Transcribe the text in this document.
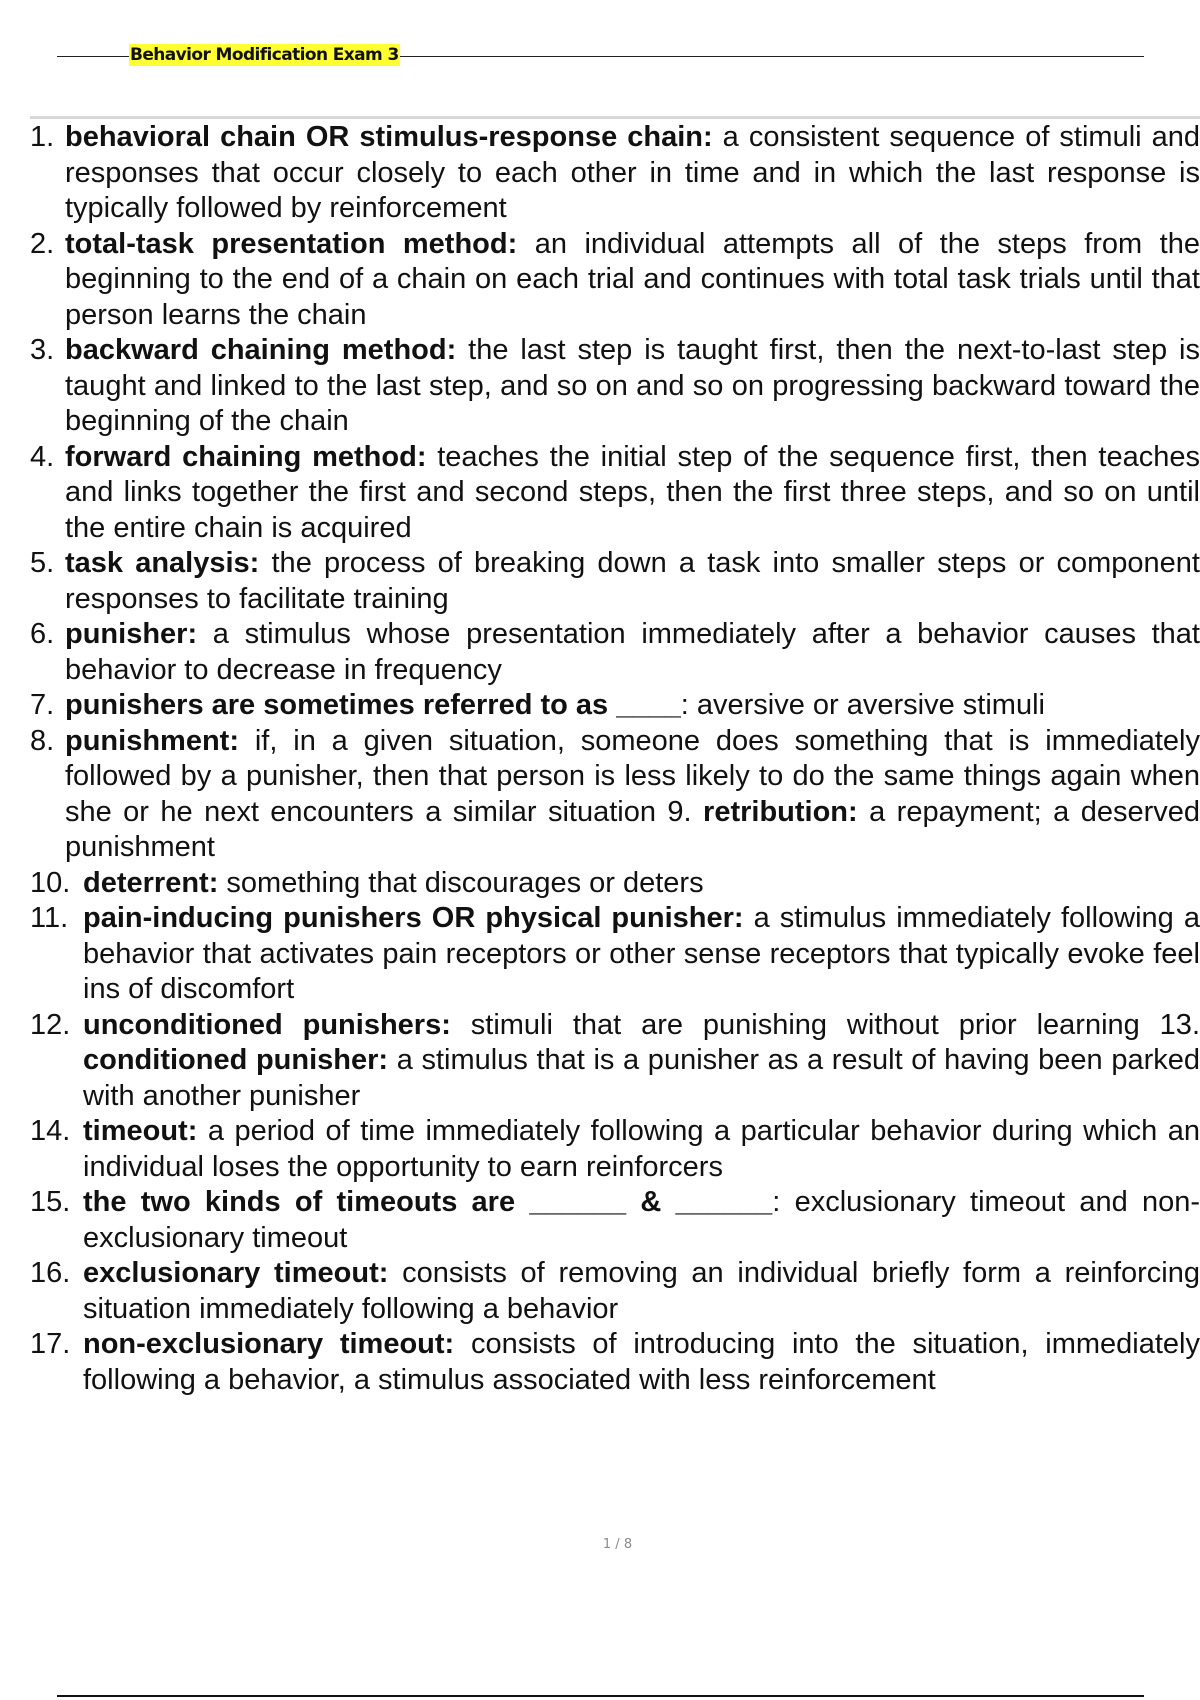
Behavior Modification Exam 3
1. behavioral chain OR stimulus-response chain: a consistent sequence of stimuli and responses that occur closely to each other in time and in which the last response is typically followed by reinforcement
2. total-task presentation method: an individual attempts all of the steps from the beginning to the end of a chain on each trial and continues with total task trials until that person learns the chain
3. backward chaining method: the last step is taught first, then the next-to-last step is taught and linked to the last step, and so on and so on progressing backward toward the beginning of the chain
4. forward chaining method: teaches the initial step of the sequence first, then teaches and links together the first and second steps, then the first three steps, and so on until the entire chain is acquired
5. task analysis: the process of breaking down a task into smaller steps or component responses to facilitate training
6. punisher: a stimulus whose presentation immediately after a behavior causes that behavior to decrease in frequency
7. punishers are sometimes referred to as ____: aversive or aversive stimuli
8. punishment: if, in a given situation, someone does something that is immediately followed by a punisher, then that person is less likely to do the same things again when she or he next encounters a similar situation 9. retribution: a repayment; a deserved punishment
10. deterrent: something that discourages or deters
11. pain-inducing punishers OR physical punisher: a stimulus immediately following a behavior that activates pain receptors or other sense receptors that typically evoke feel ins of discomfort
12. unconditioned punishers: stimuli that are punishing without prior learning 13. conditioned punisher: a stimulus that is a punisher as a result of having been parked with another punisher
14. timeout: a period of time immediately following a particular behavior during which an individual loses the opportunity to earn reinforcers
15. the two kinds of timeouts are ______ & ______: exclusionary timeout and non-exclusionary timeout
16. exclusionary timeout: consists of removing an individual briefly form a reinforcing situation immediately following a behavior
17. non-exclusionary timeout: consists of introducing into the situation, immediately following a behavior, a stimulus associated with less reinforcement
1 / 8
